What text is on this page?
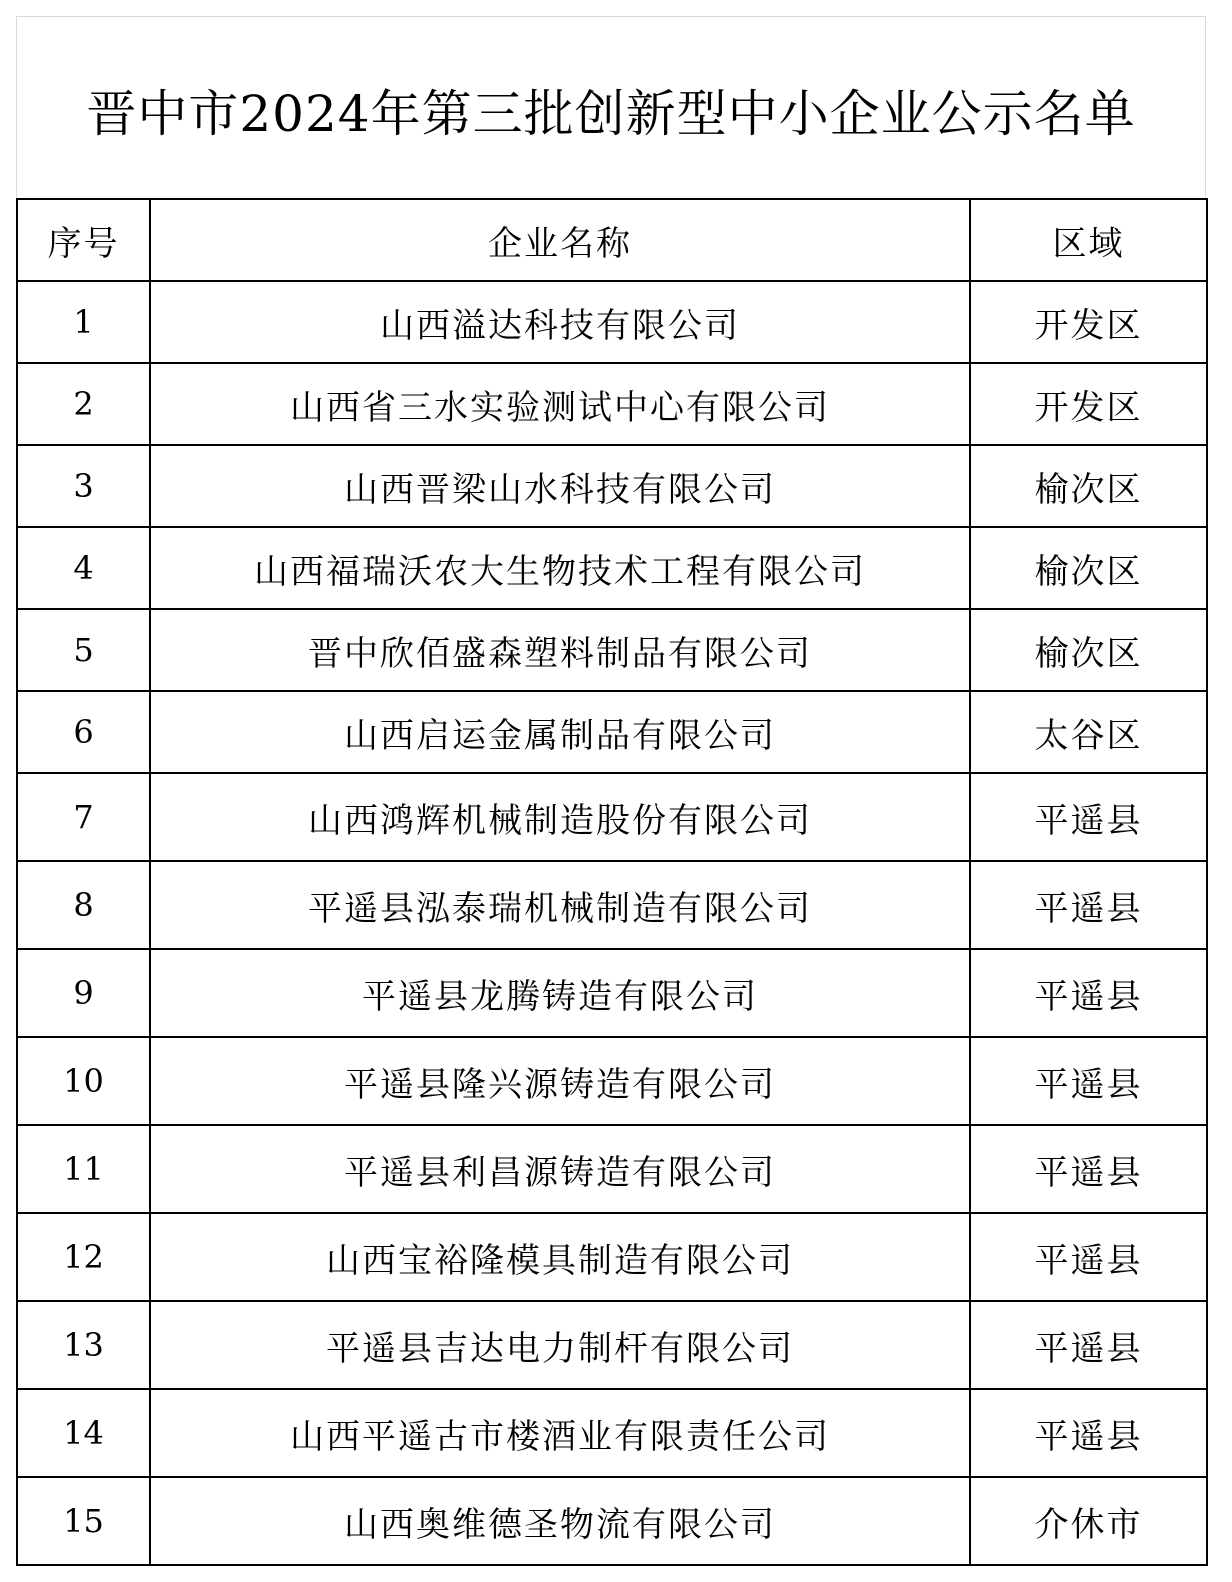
晋中市2024年第三批创新型中小企业公示名单
序号	企业名称	区域
1	山西溢达科技有限公司	开发区
2	山西省三水实验测试中心有限公司	开发区
3	山西晋梁山水科技有限公司	榆次区
4	山西福瑞沃农大生物技术工程有限公司	榆次区
5	晋中欣佰盛森塑料制品有限公司	榆次区
6	山西启运金属制品有限公司	太谷区
7	山西鸿辉机械制造股份有限公司	平遥县
8	平遥县泓泰瑞机械制造有限公司	平遥县
9	平遥县龙腾铸造有限公司	平遥县
10	平遥县隆兴源铸造有限公司	平遥县
11	平遥县利昌源铸造有限公司	平遥县
12	山西宝裕隆模具制造有限公司	平遥县
13	平遥县吉达电力制杆有限公司	平遥县
14	山西平遥古市楼酒业有限责任公司	平遥县
15	山西奥维德圣物流有限公司	介休市
